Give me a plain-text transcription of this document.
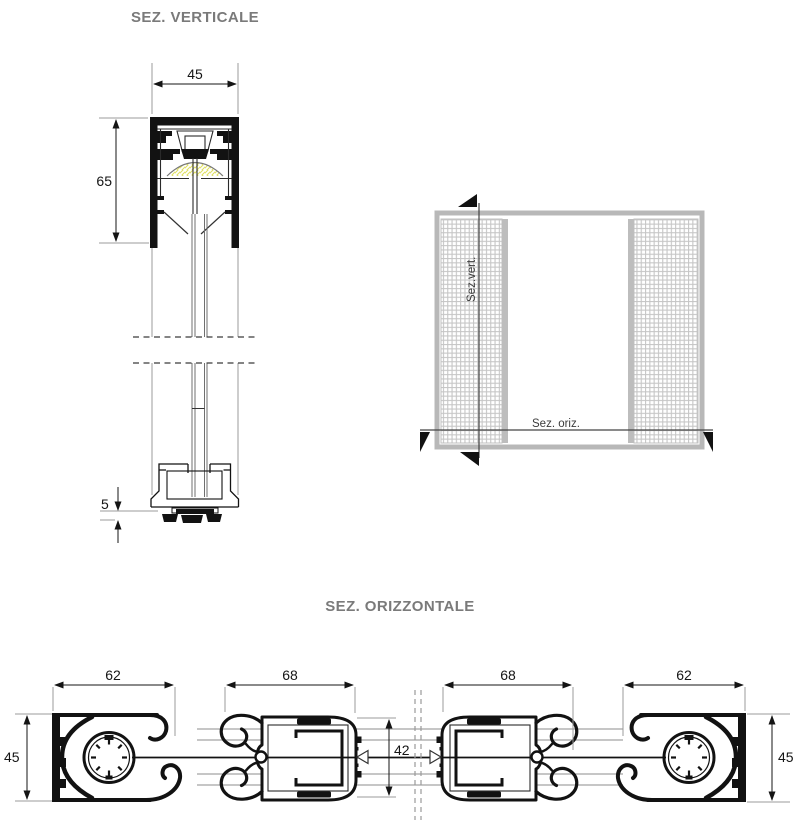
SEZ. VERTICALE
SEZ. ORIZZONTALE
45
65
5
Sez.vert.
Sez. oriz.
62	68	68	62
45	42	45
